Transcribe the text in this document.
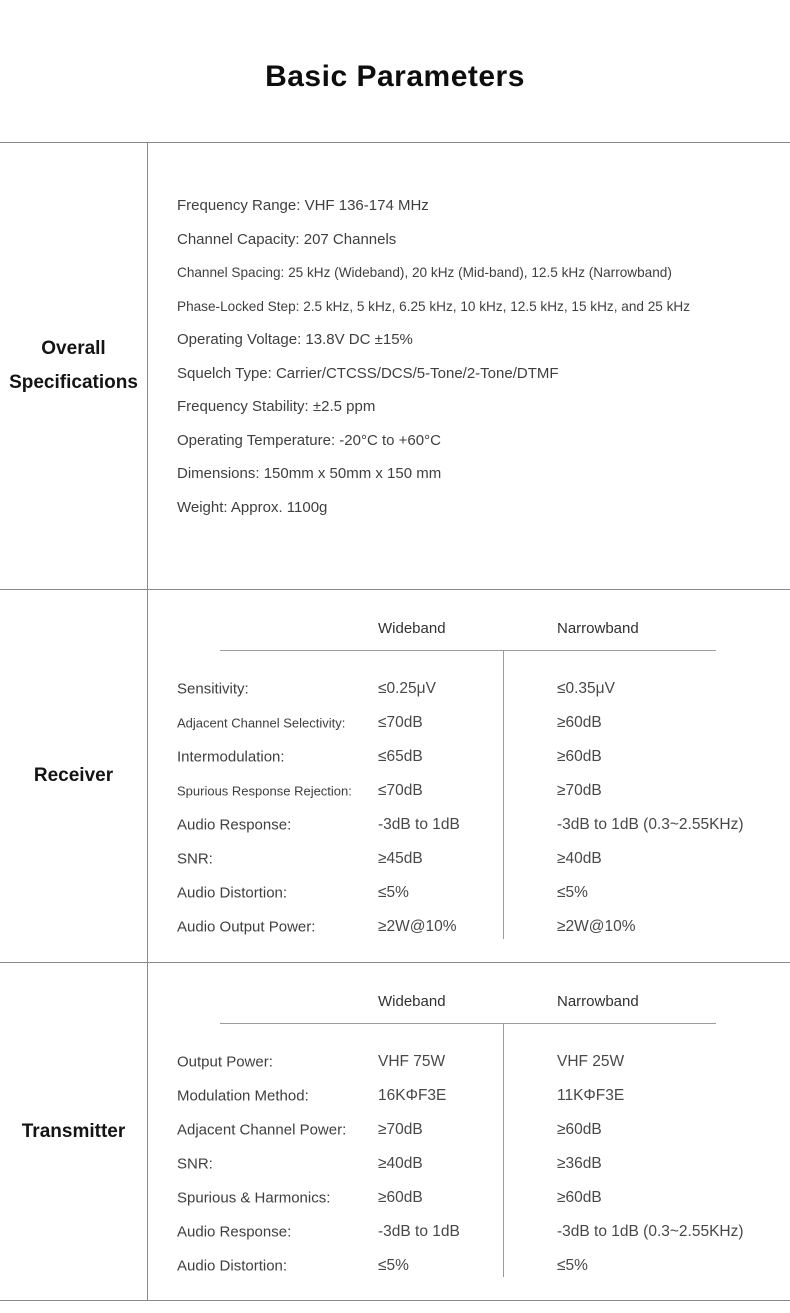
Basic Parameters
Overall Specifications
Frequency Range: VHF 136-174 MHz
Channel Capacity: 207 Channels
Channel Spacing: 25 kHz (Wideband), 20 kHz (Mid-band), 12.5 kHz (Narrowband)
Phase-Locked Step: 2.5 kHz, 5 kHz, 6.25 kHz, 10 kHz, 12.5 kHz, 15 kHz, and 25 kHz
Operating Voltage: 13.8V DC ±15%
Squelch Type: Carrier/CTCSS/DCS/5-Tone/2-Tone/DTMF
Frequency Stability: ±2.5 ppm
Operating Temperature: -20°C to +60°C
Dimensions: 150mm x 50mm x 150 mm
Weight: Approx. 1100g
Receiver
Wideband	Narrowband
Sensitivity:	≤0.25μV	≤0.35μV
Adjacent Channel Selectivity: ≤70dB	≥60dB
Intermodulation:	≤65dB	≥60dB
Spurious Response Rejection: ≤70dB	≥70dB
Audio Response:	-3dB to 1dB	-3dB to 1dB (0.3~2.55KHz)
SNR:	≥45dB	≥40dB
Audio Distortion:	≤5%	≤5%
Audio Output Power:	≥2W@10%	≥2W@10%
Transmitter
Wideband	Narrowband
Output Power:	VHF 75W	VHF 25W
Modulation Method:	16KΦF3E	11KΦF3E
Adjacent Channel Power: ≥70dB	≥60dB
SNR:	≥40dB	≥36dB
Spurious & Harmonics:	≥60dB	≥60dB
Audio Response:	-3dB to 1dB	-3dB to 1dB (0.3~2.55KHz)
Audio Distortion:	≤5%	≤5%
